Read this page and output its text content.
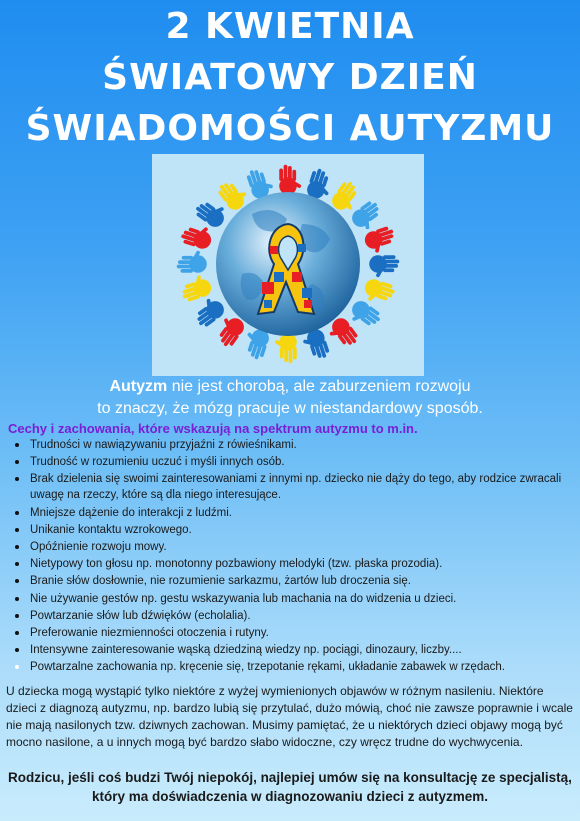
2 KWIETNIA
ŚWIATOWY DZIEŃ
ŚWIADOMOŚCI AUTYZMU
Autyzm nie jest chorobą, ale zaburzeniem rozwoju
to znaczy, że mózg pracuje w niestandardowy sposób.
Cechy i zachowania, które wskazują na spektrum autyzmu to m.in.
Trudności w nawiązywaniu przyjaźni z rówieśnikami.
Trudność w rozumieniu uczuć i myśli innych osób.
Brak dzielenia się swoimi zainteresowaniami z innymi np. dziecko nie dąży do tego, aby rodzice zwracali uwagę na rzeczy, które są dla niego interesujące.
Mniejsze dążenie do interakcji z ludźmi.
Unikanie kontaktu wzrokowego.
Opóźnienie rozwoju mowy.
Nietypowy ton głosu np. monotonny pozbawiony melodyki (tzw. płaska prozodia).
Branie słów dosłownie, nie rozumienie sarkazmu, żartów lub droczenia się.
Nie używanie gestów np. gestu wskazywania lub machania na do widzenia u dzieci.
Powtarzanie słów lub dźwięków (echolalia).
Preferowanie niezmienności otoczenia i rutyny.
Intensywne zainteresowanie wąską dziedziną wiedzy np. pociągi, dinozaury, liczby....
Powtarzalne zachowania np. kręcenie się, trzepotanie rękami, układanie zabawek w rzędach.
U dziecka mogą wystąpić tylko niektóre z wyżej wymienionych objawów w różnym nasileniu. Niektóre dzieci z diagnozą autyzmu, np. bardzo lubią się przytulać, dużo mówią, choć nie zawsze poprawnie i wcale nie mają nasilonych tzw. dziwnych zachowan. Musimy pamiętać, że u niektórych dzieci objawy mogą być mocno nasilone, a u innych mogą być bardzo słabo widoczne, czy wręcz trudne do wychwycenia.
Rodzicu, jeśli coś budzi Twój niepokój, najlepiej umów się na konsultację ze specjalistą, który ma doświadczenia w diagnozowaniu dzieci z autyzmem.
